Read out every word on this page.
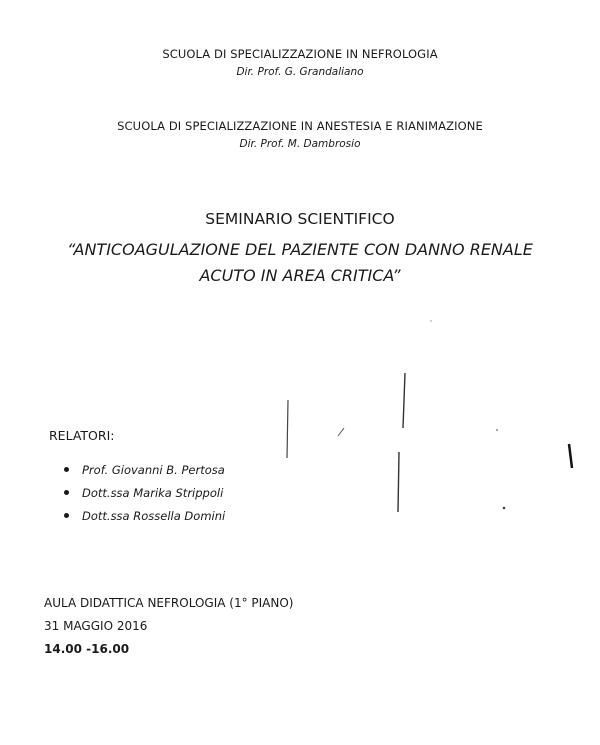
SCUOLA DI SPECIALIZZAZIONE IN NEFROLOGIA
Dir. Prof. G. Grandaliano
SCUOLA DI SPECIALIZZAZIONE IN ANESTESIA E RIANIMAZIONE
Dir. Prof. M. Dambrosio
SEMINARIO SCIENTIFICO
“ANTICOAGULAZIONE DEL PAZIENTE CON DANNO RENALE
ACUTO IN AREA CRITICA”
RELATORI:
Prof. Giovanni B. Pertosa
Dott.ssa Marika Strippoli
Dott.ssa Rossella Domini
AULA DIDATTICA NEFROLOGIA (1° PIANO)
31 MAGGIO 2016
14.00 -16.00
